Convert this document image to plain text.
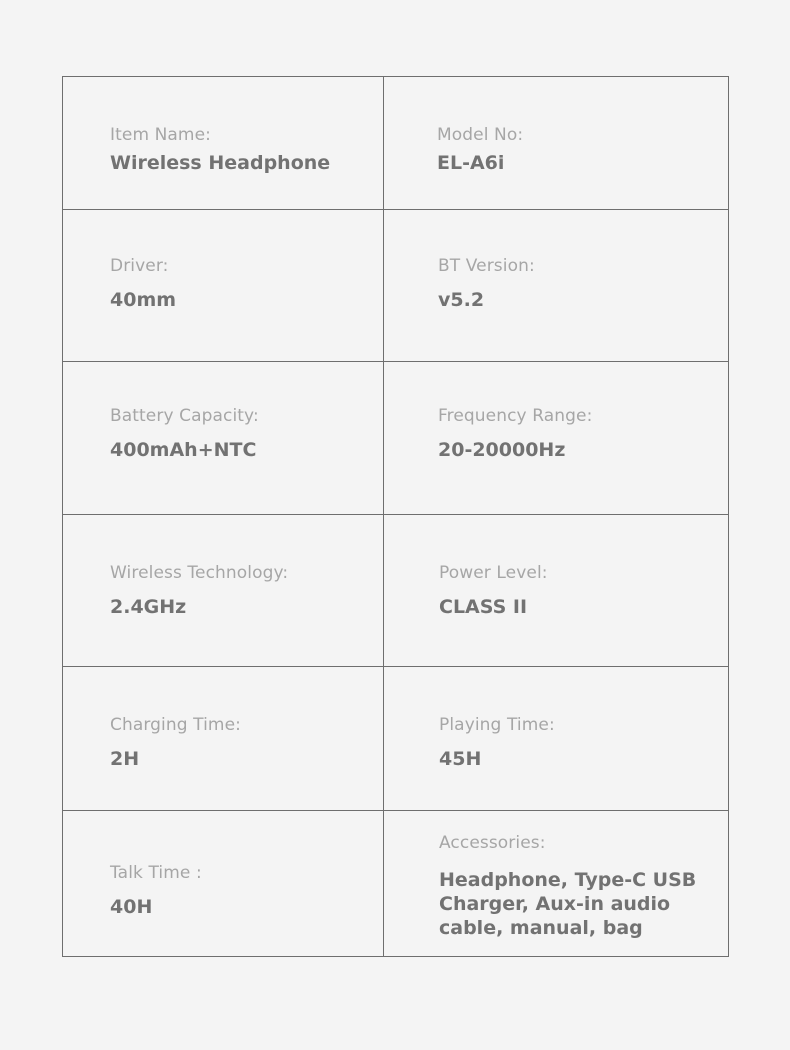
Item Name:
Wireless Headphone
Model No:
EL-A6i
Driver:
40mm
BT Version:
v5.2
Battery Capacity:
400mAh+NTC
Frequency Range:
20-20000Hz
Wireless Technology:
2.4GHz
Power Level:
CLASS II
Charging Time:
2H
Playing Time:
45H
Talk Time :
40H
Accessories:
Headphone, Type-C USB Charger, Aux-in audio cable, manual, bag
